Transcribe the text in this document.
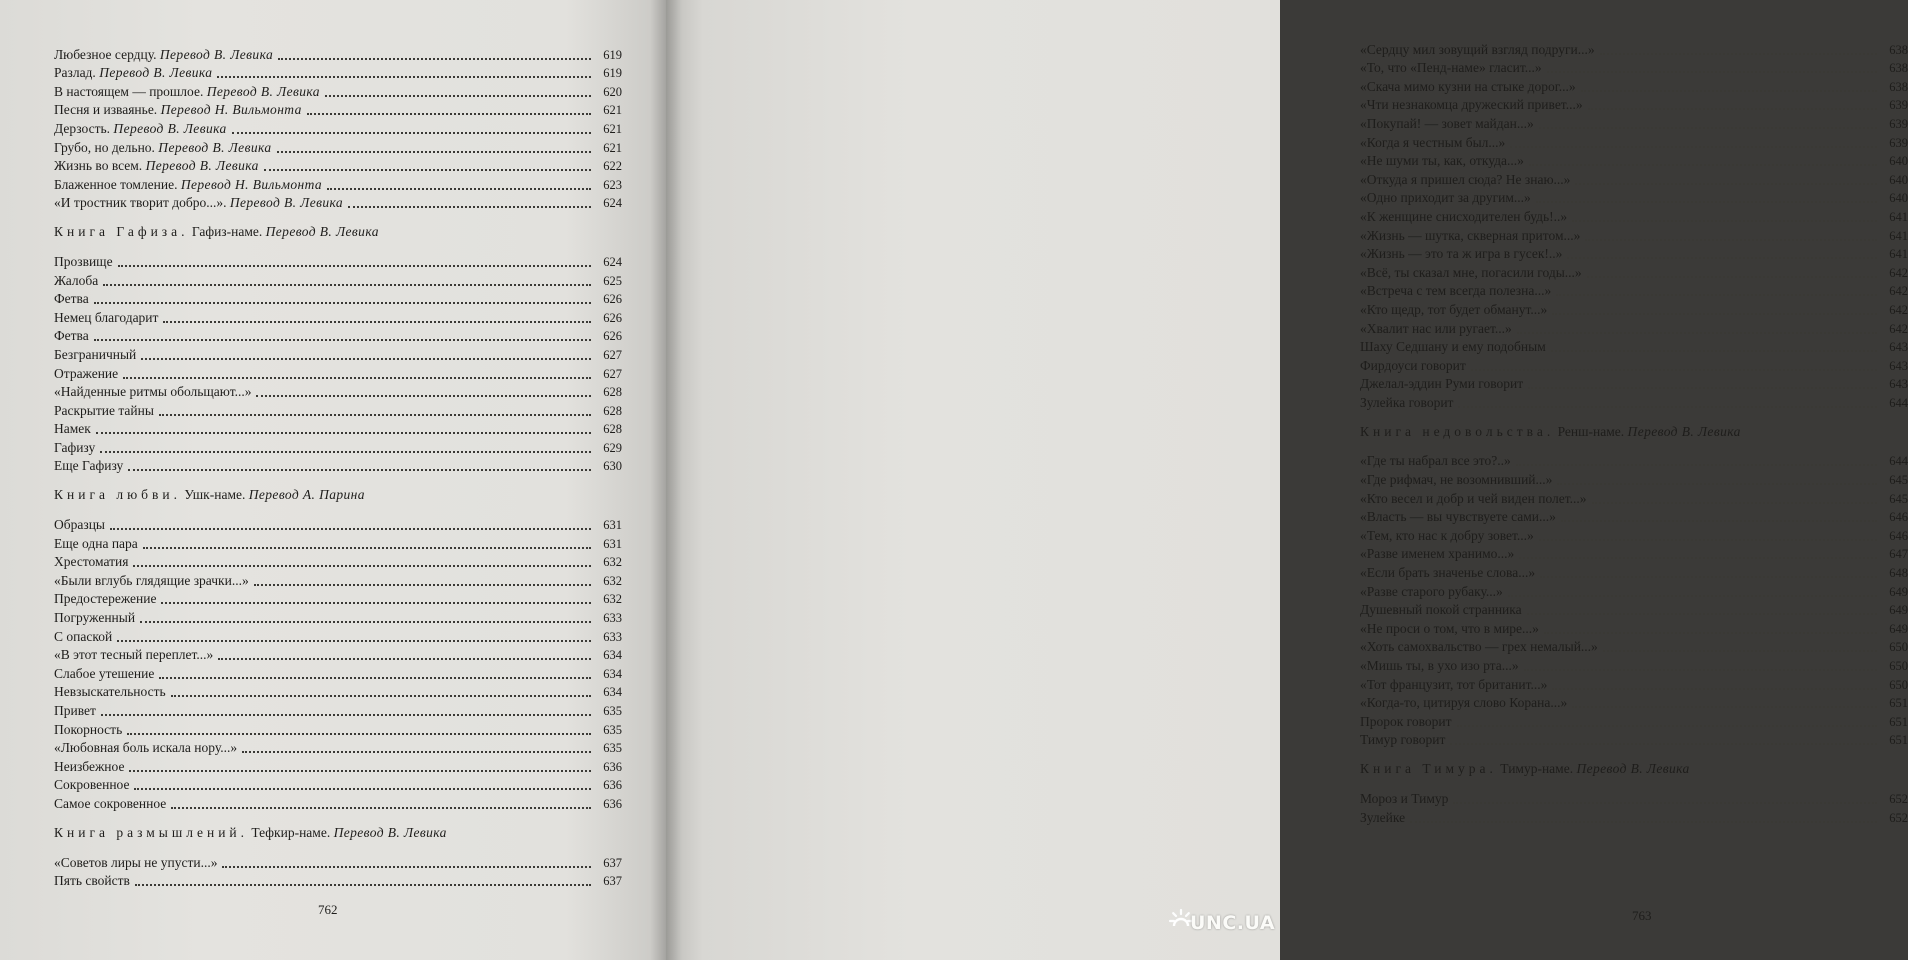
Любезное сердцу. Перевод В. Левика	619
Разлад. Перевод В. Левика	619
В настоящем — прошлое. Перевод В. Левика	620
Песня и изваянье. Перевод Н. Вильмонта	621
Дерзость. Перевод В. Левика	621
Грубо, но дельно. Перевод В. Левика	621
Жизнь во всем. Перевод В. Левика	622
Блаженное томление. Перевод Н. Вильмонта	623
«И тростник творит добро...». Перевод В. Левика	624
Книга Гафиза. Гафиз-наме. Перевод В. Левика
Прозвище	624
Жалоба	625
Фетва	626
Немец благодарит	626
Фетва	626
Безграничный	627
Отражение	627
«Найденные ритмы обольщают...»	628
Раскрытие тайны	628
Намек	628
Гафизу	629
Еще Гафизу	630
Книга любви. Ушк-наме. Перевод А. Парина
Образцы	631
Еще одна пара	631
Хрестоматия	632
«Были вглубь глядящие зрачки...»	632
Предостережение	632
Погруженный	633
С опаской	633
«В этот тесный переплет...»	634
Слабое утешение	634
Невзыскательность	634
Привет	635
Покорность	635
«Любовная боль искала нору...»	635
Неизбежное	636
Сокровенное	636
Самое сокровенное	636
Книга размышлений. Тефкир-наме. Перевод В. Левика
«Советов лиры не упусти...»	637
Пять свойств	637
762
«Сердцу мил зовущий взгляд подруги...»	638
«То, что «Пенд-наме» гласит...»	638
«Скача мимо кузни на стыке дорог...»	638
«Чти незнакомца дружеский привет...»	639
«Покупай! — зовет майдан...»	639
«Когда я честным был...»	639
«Не шуми ты, как, откуда...»	640
«Откуда я пришел сюда? Не знаю...»	640
«Одно приходит за другим...»	640
«К женщине снисходителен будь!..»	641
«Жизнь — шутка, скверная притом...»	641
«Жизнь — это та ж игра в гусек!..»	641
«Всё, ты сказал мне, погасили годы...»	642
«Встреча с тем всегда полезна...»	642
«Кто щедр, тот будет обманут...»	642
«Хвалит нас или ругает...»	642
Шаху Седшану и ему подобным	643
Фирдоуси говорит	643
Джелал-эддин Руми говорит	643
Зулейка говорит	644
Книга недовольства. Ренш-наме. Перевод В. Левика
«Где ты набрал все это?..»	644
«Где рифмач, не возомнивший...»	645
«Кто весел и добр и чей виден полет...»	645
«Власть — вы чувствуете сами...»	646
«Тем, кто нас к добру зовет...»	646
«Разве именем хранимо...»	647
«Если брать значенье слова...»	648
«Разве старого рубаку...»	649
Душевный покой странника	649
«Не проси о том, что в мире...»	649
«Хоть самохвальство — грех немалый...»	650
«Мишь ты, в ухо изо рта...»	650
«Тот французит, тот британит...»	650
«Когда-то, цитируя слово Корана...»	651
Пророк говорит	651
Тимур говорит	651
Книга Тимура. Тимур-наме. Перевод В. Левика
Мороз и Тимур	652
Зулейке	652
763
UNC.UA
